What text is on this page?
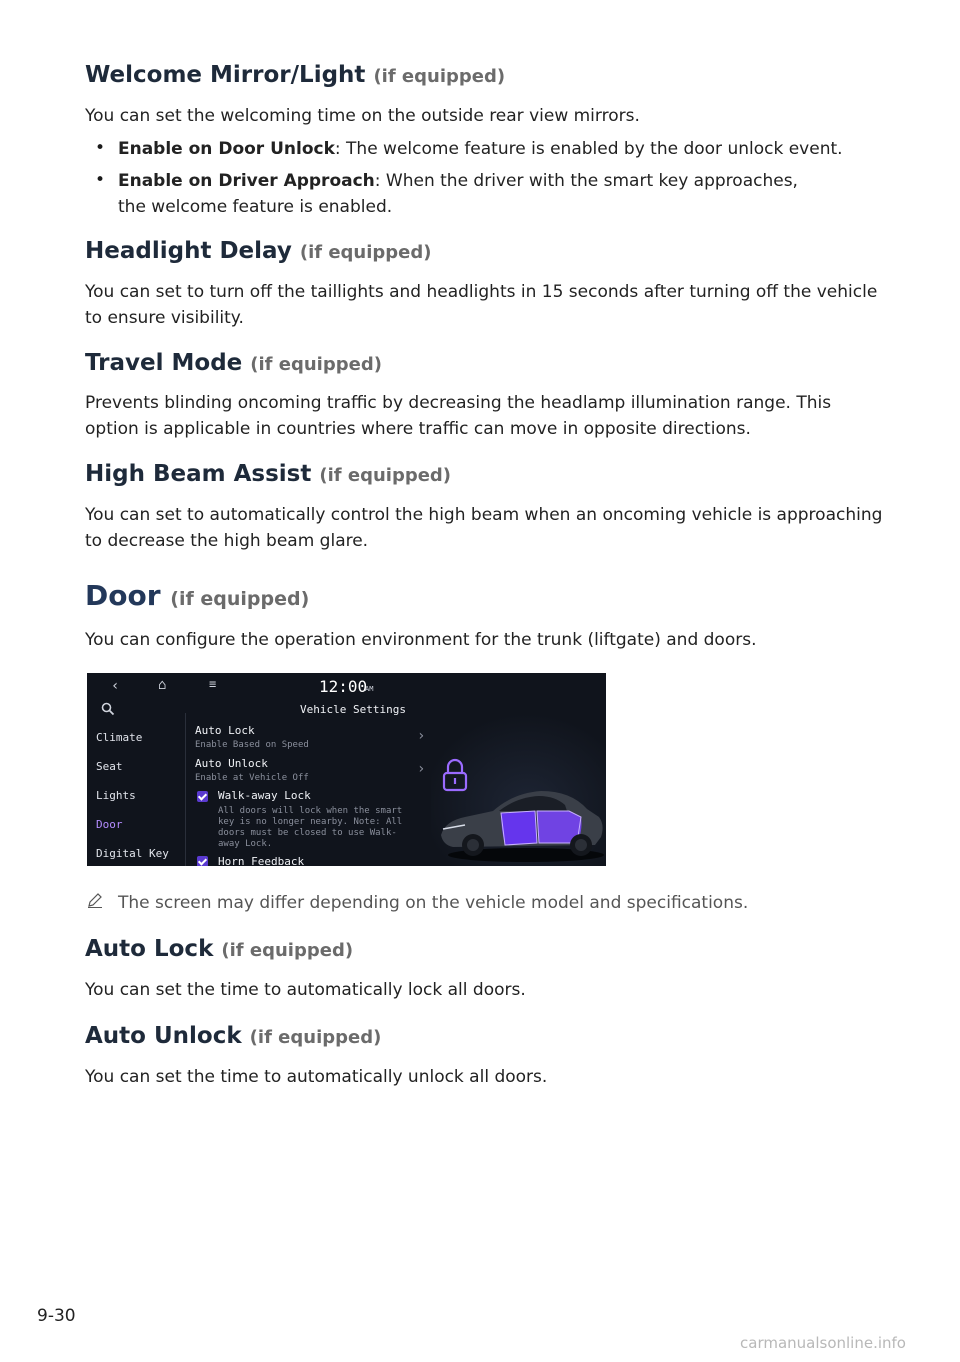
Welcome Mirror/Light (if equipped)
You can set the welcoming time on the outside rear view mirrors.
• Enable on Door Unlock: The welcome feature is enabled by the door unlock event.
• Enable on Driver Approach: When the driver with the smart key approaches, the welcome feature is enabled.
Headlight Delay (if equipped)
You can set to turn off the taillights and headlights in 15 seconds after turning off the vehicle to ensure visibility.
Travel Mode (if equipped)
Prevents blinding oncoming traffic by decreasing the headlamp illumination range. This option is applicable in countries where traffic can move in opposite directions.
High Beam Assist (if equipped)
You can set to automatically control the high beam when an oncoming vehicle is approaching to decrease the high beam glare.
Door (if equipped)
You can configure the operation environment for the trunk (liftgate) and doors.
‹	⌂	≡	12:00
AM
Vehicle Settings
Climate
Seat
Lights
Door
Digital Key
Auto Lock
Enable Based on Speed
›
Auto Unlock
Enable at Vehicle Off
›
Walk-away Lock
All doors will lock when the smart key is no longer nearby. Note: All doors must be closed to use Walk-away Lock.
Horn Feedback
The screen may differ depending on the vehicle model and specifications.
Auto Lock (if equipped)
You can set the time to automatically lock all doors.
Auto Unlock (if equipped)
You can set the time to automatically unlock all doors.
9-30
carmanualsonline.info
